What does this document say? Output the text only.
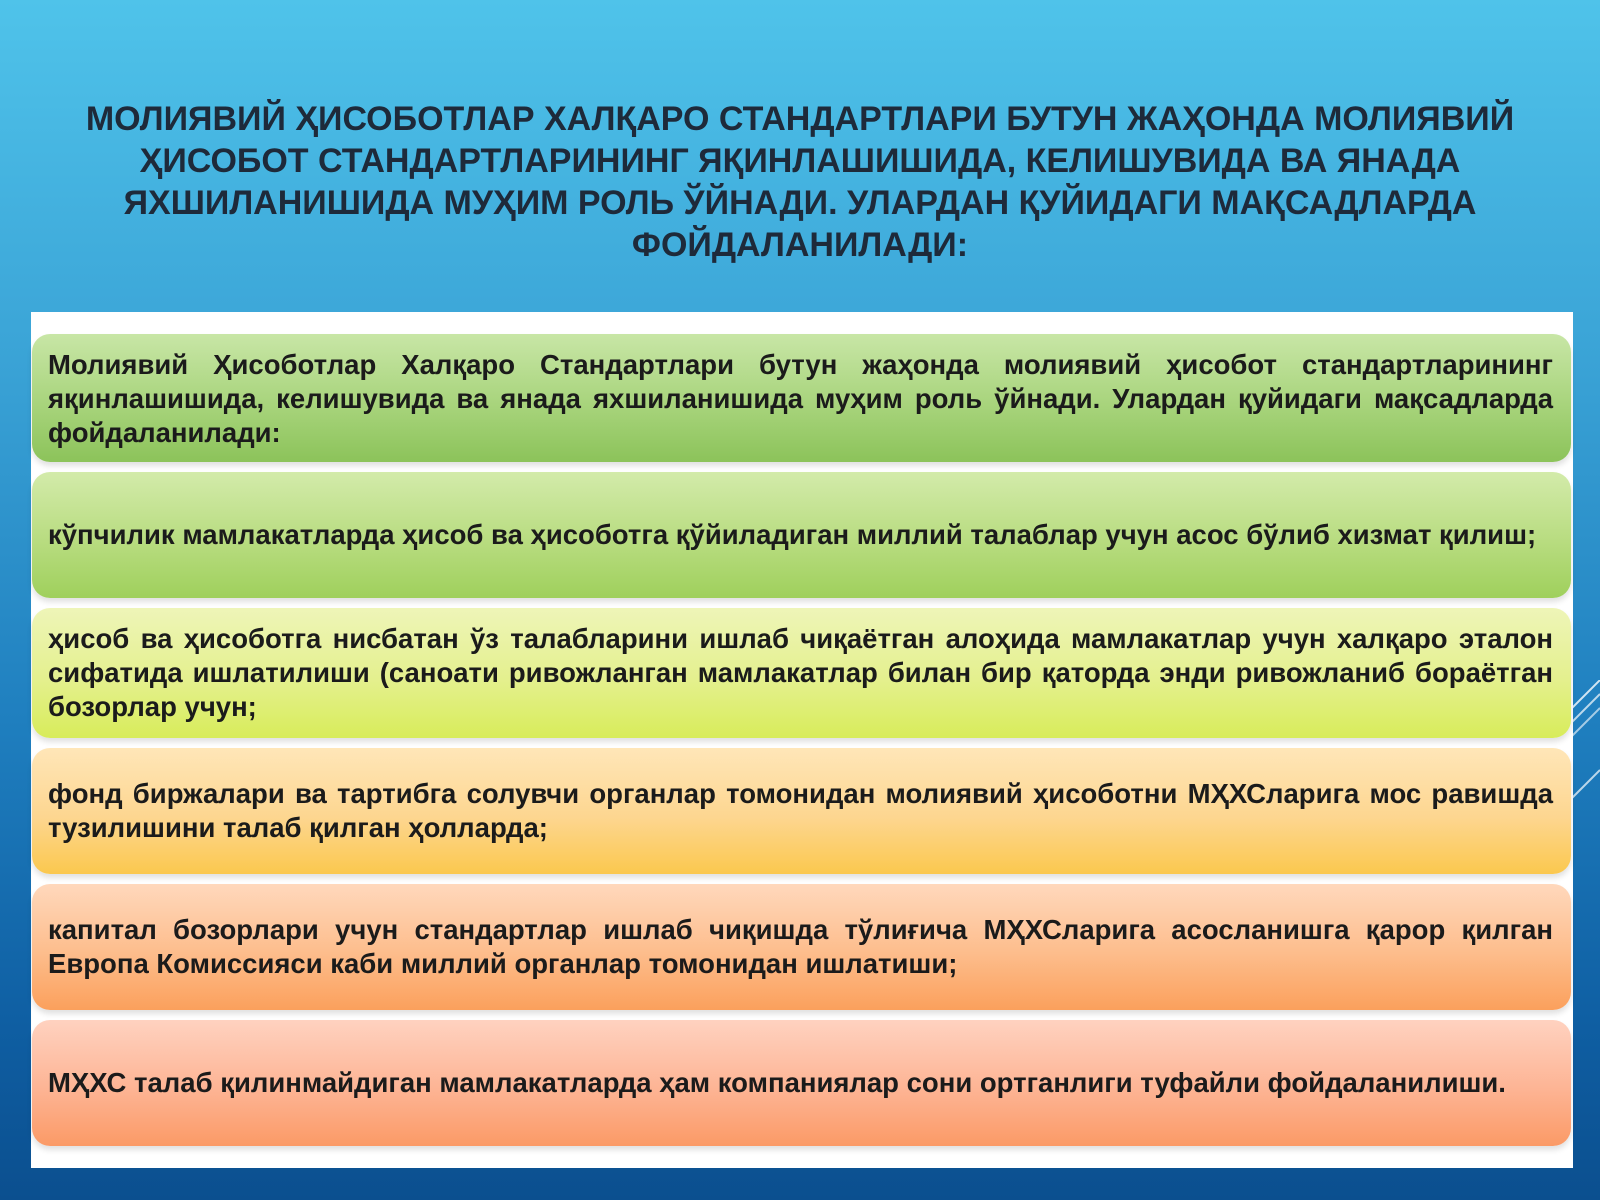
МОЛИЯВИЙ ҲИСОБОТЛАР ХАЛҚАРО СТАНДАРТЛАРИ БУТУН ЖАҲОНДА МОЛИЯВИЙ ҲИСОБОТ СТАНДАРТЛАРИНИНГ ЯҚИНЛАШИШИДА, КЕЛИШУВИДА ВА ЯНАДА ЯХШИЛАНИШИДА МУҲИМ РОЛЬ ЎЙНАДИ. УЛАРДАН ҚУЙИДАГИ МАҚСАДЛАРДА ФОЙДАЛАНИЛАДИ:

Молиявий Ҳисоботлар Халқаро Стандартлари бутун жаҳонда молиявий ҳисобот стандартларининг яқинлашишида, келишувида ва янада яхшиланишида муҳим роль ўйнади. Улардан қуйидаги мақсадларда фойдаланилади:

кўпчилик мамлакатларда ҳисоб ва ҳисоботга қўйиладиган миллий талаблар учун асос бўлиб хизмат қилиш;

ҳисоб ва ҳисоботга нисбатан ўз талабларини ишлаб чиқаётган алоҳида мамлакатлар учун халқаро эталон сифатида ишлатилиши (саноати ривожланган мамлакатлар билан бир қаторда энди ривожланиб бораётган бозорлар учун;

фонд биржалари ва тартибга солувчи органлар томонидан молиявий ҳисоботни МҲХСларига мос равишда тузилишини талаб қилган ҳолларда;

капитал бозорлари учун стандартлар ишлаб чиқишда тўлиғича МҲХСларига асосланишга қарор қилган Европа Комиссияси каби миллий органлар томонидан ишлатиши;

МҲХС талаб қилинмайдиган мамлакатларда ҳам компаниялар сони ортганлиги туфайли фойдаланилиши.
